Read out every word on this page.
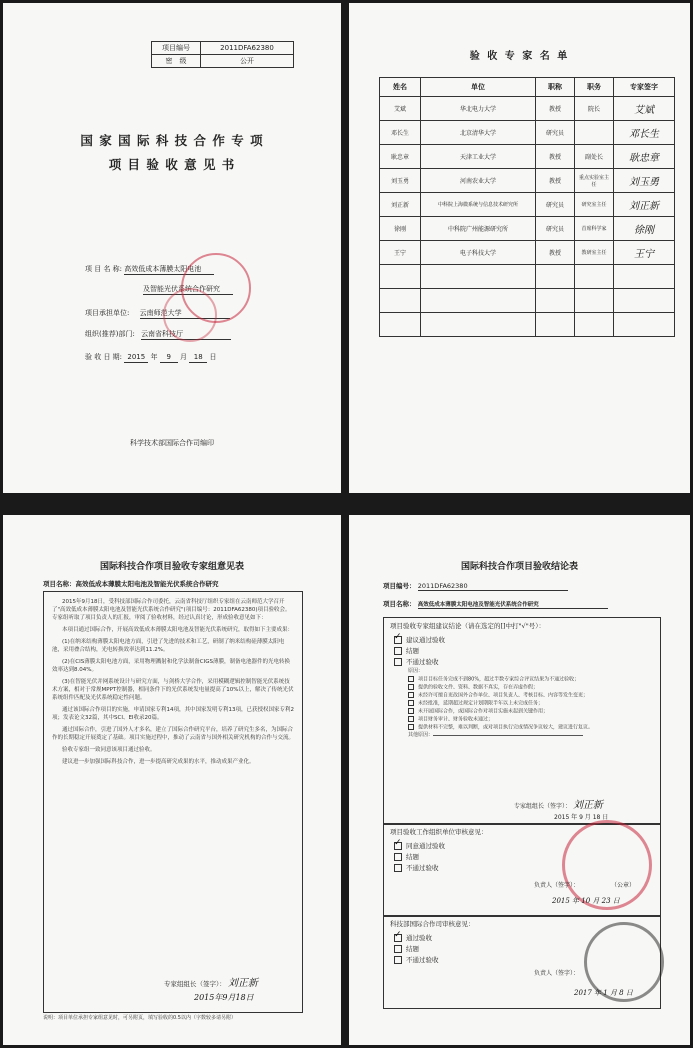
项目编号	2011DFA62380
密　级	公开
国 家 国 际 科 技 合 作 专 项
项 目 验 收 意 见 书
项 目 名 称: 高效低成本薄膜太阳电池
及智能光伏系统合作研究
项目承担单位: 云南师范大学
组织(推荐)部门: 云南省科技厅
验 收 日 期: 2015 年 9 月 18 日
科学技术部国际合作司编印
验 收 专 家 名 单
姓名	单位	职称	职务	专家签字
艾斌	华北电力大学	教授	院长	艾斌
邓长生	北京清华大学	研究员		邓长生
耿忠章	天津工业大学	教授	副处长	耿忠章
刘玉勇	河南农业大学	教授	重点实验室主任	刘玉勇
刘正新	中科院上海微系统与信息技术研究所	研究员	研究室主任	刘正新
徐刚	中科院广州能源研究所	研究员	首席科学家	徐刚
王宁	电子科技大学	教授	教研室主任	王宁

国际科技合作项目验收专家组意见表
项目名称：高效低成本薄膜太阳电池及智能光伏系统合作研究

2015年9月18日，受科技部国际合作司委托，云南省科技厅组织专家组在云南师范大学召开了"高效低成本薄膜太阳电池及智能光伏系统合作研究"(项目编号：2011DFA62380)项目验收会。专家组听取了项目负责人的汇报，审阅了验收材料，经过认真讨论，形成验收意见如下：

本项目通过国际合作，开展高效低成本薄膜太阳电池及智能光伏系统研究，取得如下主要成果：

(1)在纳米结构薄膜太阳电池方面，引进了先进的技术和工艺，研制了纳米结构硅薄膜太阳电池，采用叠合结构，光电转换效率达到11.2%。

(2)在CIS薄膜太阳电池方面，采用物理溅射和化学法制备CIGS薄膜，制备电池器件的光电转换效率达到8.04%。

(3)在智能光伏并网系统设计与研究方面，与剑桥大学合作，采用模糊逻辑控制智能光伏系统技术方案，相对于常规MPPT控制器，相同条件下的光伏系统发电量提高了10%以上，解决了传统光伏系统组件匹配及光伏系统稳定性问题。

通过该国际合作项目的实施，申请国家专利14项，其中国家发明专利13项，已获授权国家专利2项；发表论文32篇，其中SCI、EI收录20篇。

通过国际合作，引进了国外人才多名，建立了国际合作研究平台，培养了研究生多名，为国际合作的长期稳定开展奠定了基础。项目实施过程中，推动了云南省与国外相关研究机构的合作与交流。

验收专家组一致同意该项目通过验收。

建议进一步加强国际科技合作，进一步提高研究成果的水平，推动成果产业化。

专家组组长（签字）： 刘正新
2015年9月18日
说明：项目单位承担专家组意见时，可另附页，填写验收的0.5以内（字数较多请另附）
国际科技合作项目验收结论表
项目编号： 2011DFA62380
项目名称： 高效低成本薄膜太阳电池及智能光伏系统合作研究
项目验收专家组建议结论（请在选定的[]中打"√"号）：
✓建议通过验收
结题
不通过验收
原因：
项目目标任务完成不到80%，超过半数专家综合评议结果为不通过验收；
提供的验收文件、资料、数据不真实，存在弄虚作假；
未经许可擅自更改国外合作单位、项目负责人、考核目标、内容等发生变更；
未经批准，延期超过规定计划期限半年以上未完成任务；
未开展国际合作，或国际合作对项目实施未起到关键作用；
项目财务审计、财务验收未通过；
提供材料不完整，难以判断，或对项目执行完成情况争议较大，建议进行复议。
其他原因：
专家组组长（签字）： 刘正新
2015 年 9 月 18 日
项目验收工作组织单位审核意见：
✓同意通过验收
结题
不通过验收
负责人（签字）：	（公章）
2015 年 10 月 23 日
科技部国际合作司审核意见：
✓通过验收
结题
不通过验收
负责人（签字）：
2017 年 1 月 8 日
